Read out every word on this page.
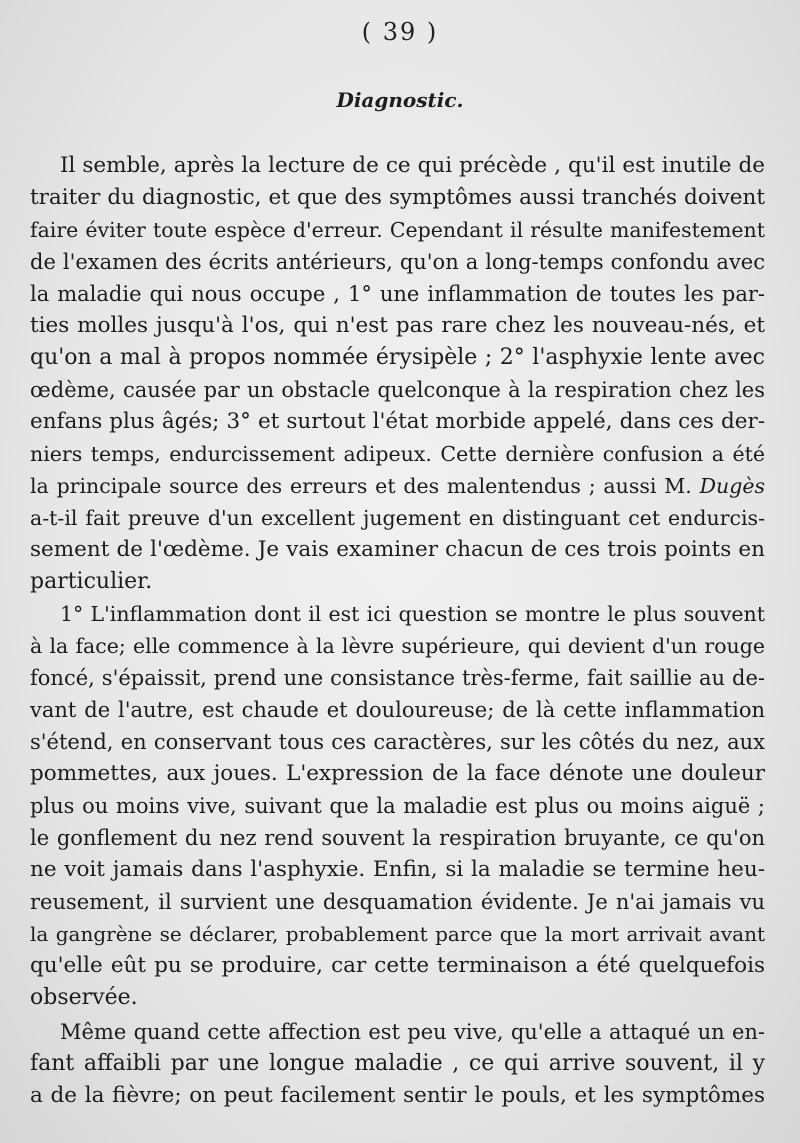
( 39 )
Diagnostic.
Il semble, après la lecture de ce qui précède , qu'il est inutile de
traiter du diagnostic, et que des symptômes aussi tranchés doivent
faire éviter toute espèce d'erreur. Cependant il résulte manifestement
de l'examen des écrits antérieurs, qu'on a long-temps confondu avec
la maladie qui nous occupe , 1° une inflammation de toutes les par-
ties molles jusqu'à l'os, qui n'est pas rare chez les nouveau-nés, et
qu'on a mal à propos nommée érysipèle ; 2° l'asphyxie lente avec
œdème, causée par un obstacle quelconque à la respiration chez les
enfans plus âgés; 3° et surtout l'état morbide appelé, dans ces der-
niers temps, endurcissement adipeux. Cette dernière confusion a été
la principale source des erreurs et des malentendus ; aussi M. Dugès
a-t-il fait preuve d'un excellent jugement en distinguant cet endurcis-
sement de l'œdème. Je vais examiner chacun de ces trois points en
particulier.
1° L'inflammation dont il est ici question se montre le plus souvent
à la face; elle commence à la lèvre supérieure, qui devient d'un rouge
foncé, s'épaissit, prend une consistance très-ferme, fait saillie au de-
vant de l'autre, est chaude et douloureuse; de là cette inflammation
s'étend, en conservant tous ces caractères, sur les côtés du nez, aux
pommettes, aux joues. L'expression de la face dénote une douleur
plus ou moins vive, suivant que la maladie est plus ou moins aiguë ;
le gonflement du nez rend souvent la respiration bruyante, ce qu'on
ne voit jamais dans l'asphyxie. Enfin, si la maladie se termine heu-
reusement, il survient une desquamation évidente. Je n'ai jamais vu
la gangrène se déclarer, probablement parce que la mort arrivait avant
qu'elle eût pu se produire, car cette terminaison a été quelquefois
observée.
Même quand cette affection est peu vive, qu'elle a attaqué un en-
fant affaibli par une longue maladie , ce qui arrive souvent, il y
a de la fièvre; on peut facilement sentir le pouls, et les symptômes
